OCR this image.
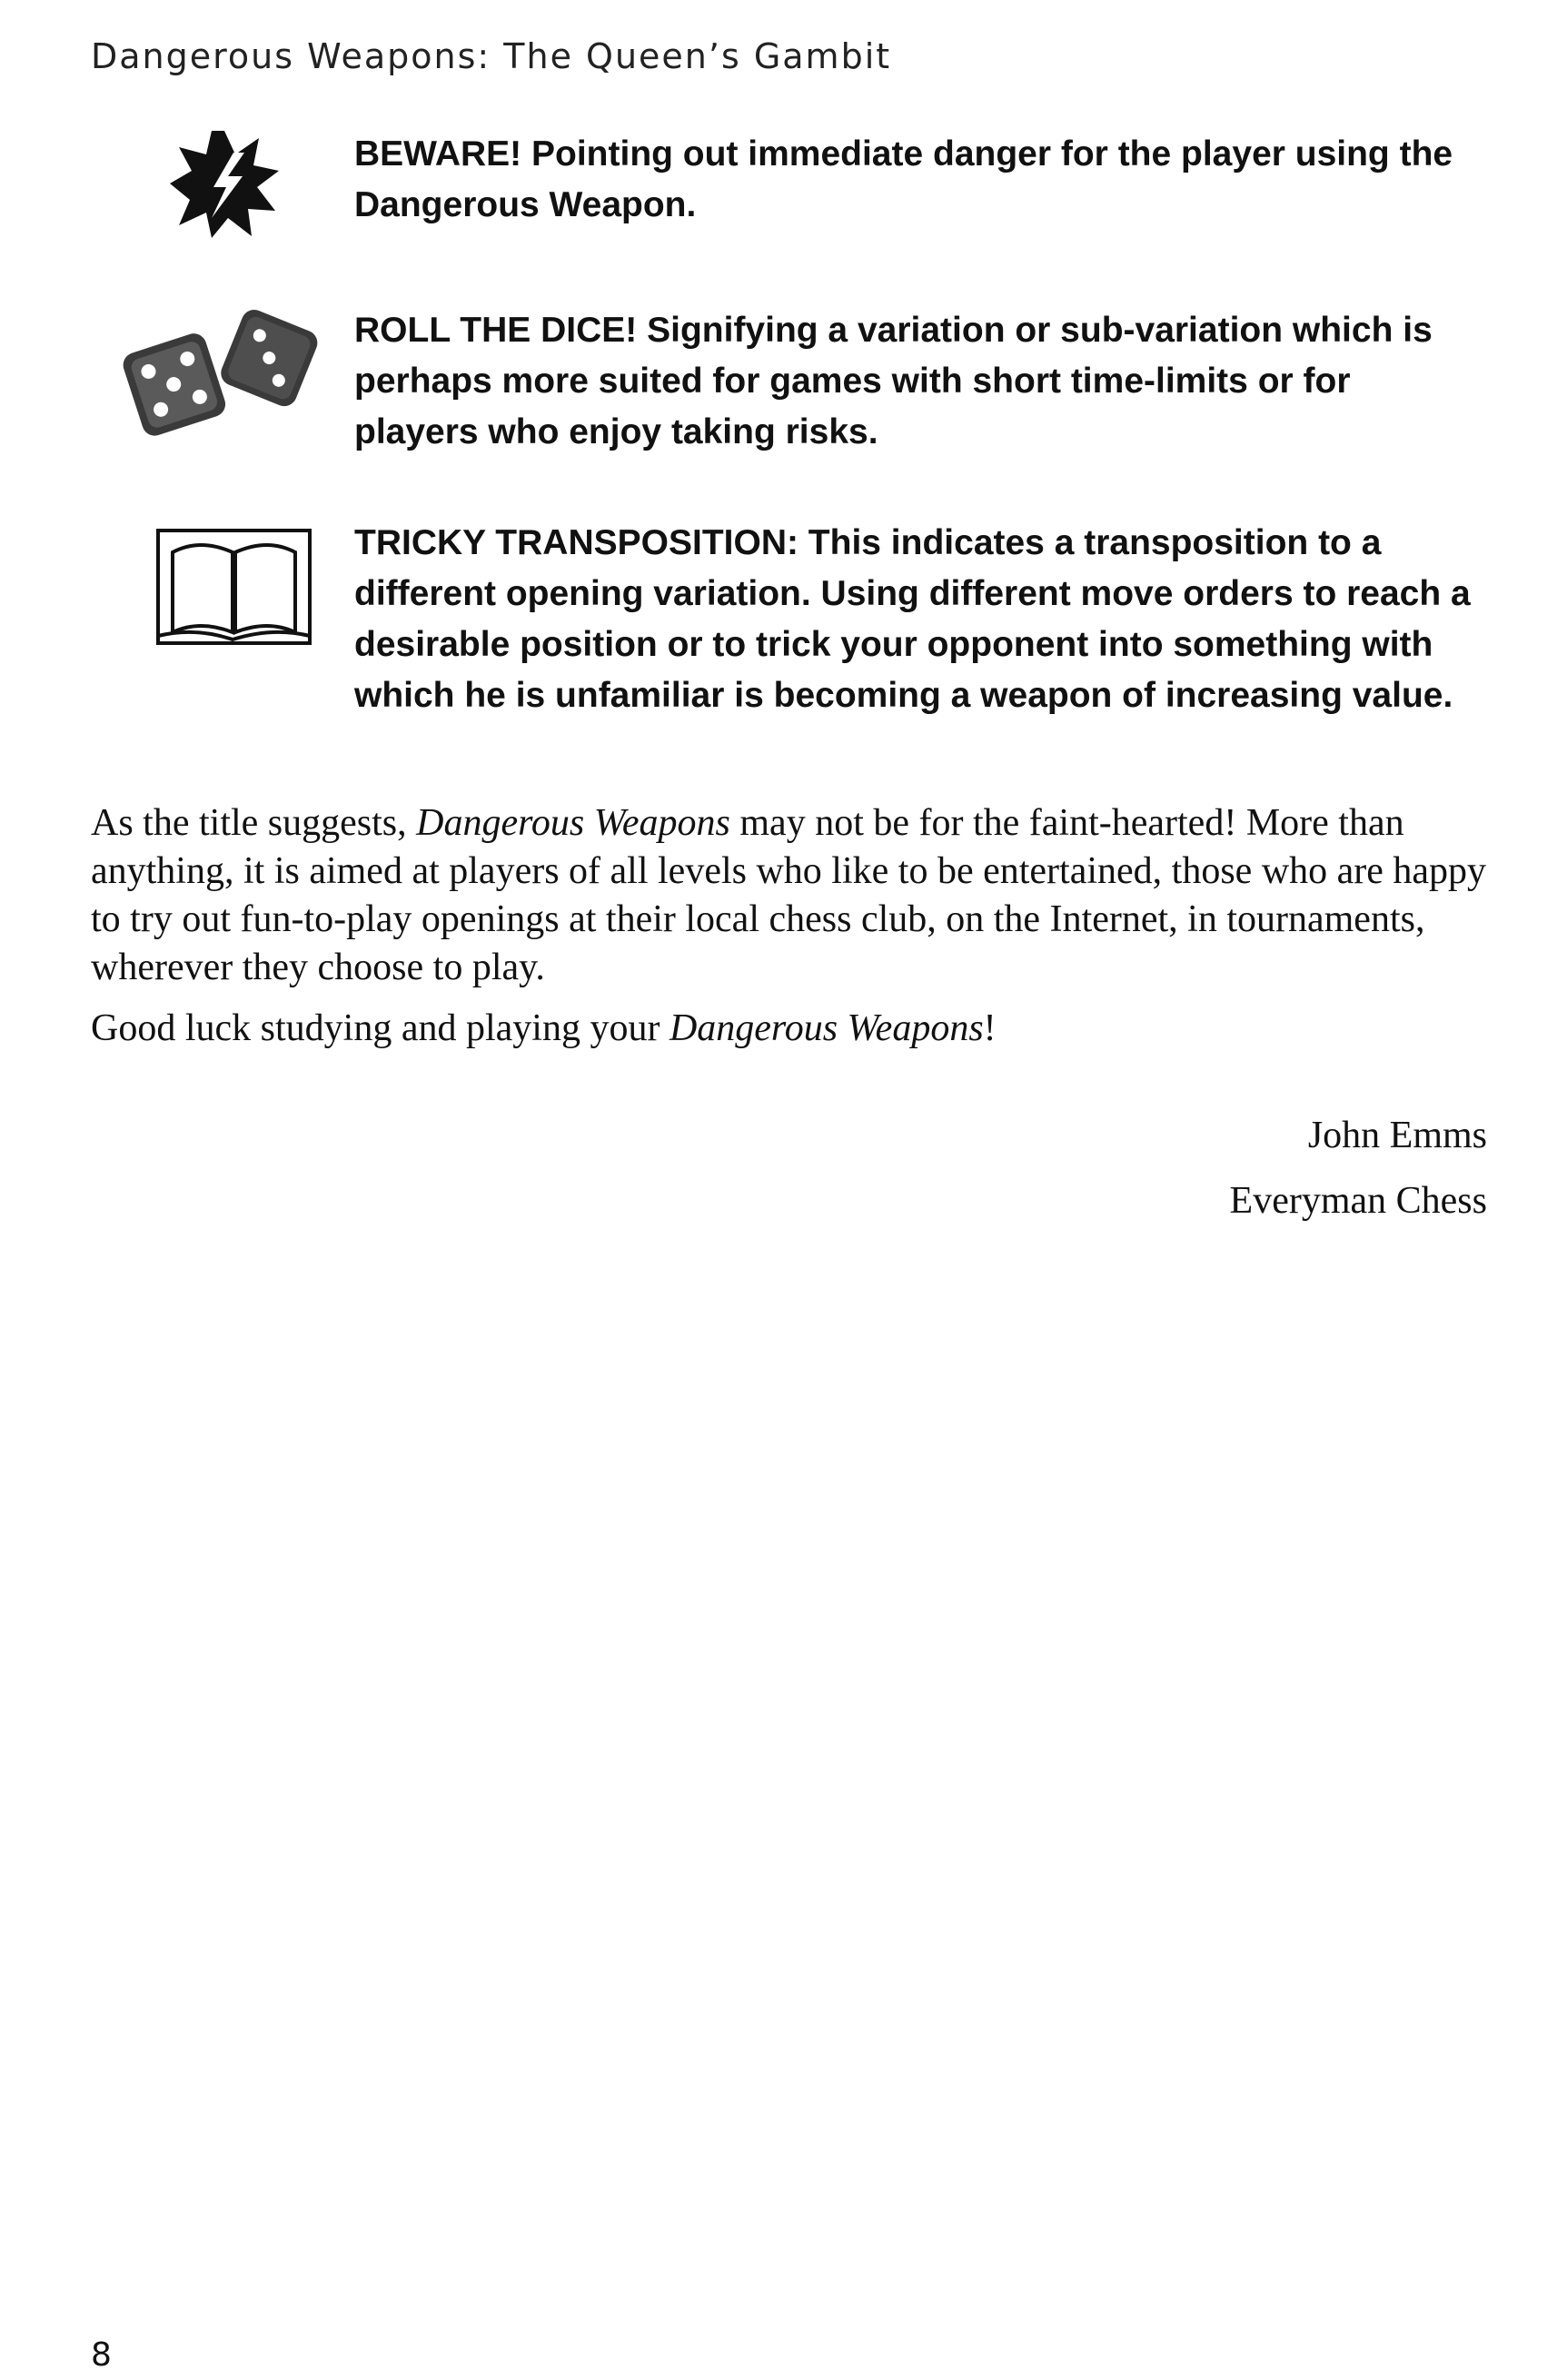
Dangerous Weapons: The Queen’s Gambit
BEWARE! Pointing out immediate danger for the player using the Dangerous Weapon.
ROLL THE DICE! Signifying a variation or sub-variation which is perhaps more suited for games with short time-limits or for players who enjoy taking risks.
TRICKY TRANSPOSITION: This indicates a transposition to a different opening variation. Using different move orders to reach a desirable position or to trick your opponent into something with which he is unfamiliar is becoming a weapon of increasing value.

As the title suggests, Dangerous Weapons may not be for the faint-hearted! More than anything, it is aimed at players of all levels who like to be entertained, those who are happy to try out fun-to-play openings at their local chess club, on the Internet, in tournaments, wherever they choose to play.

Good luck studying and playing your Dangerous Weapons!

John Emms
Everyman Chess
8
